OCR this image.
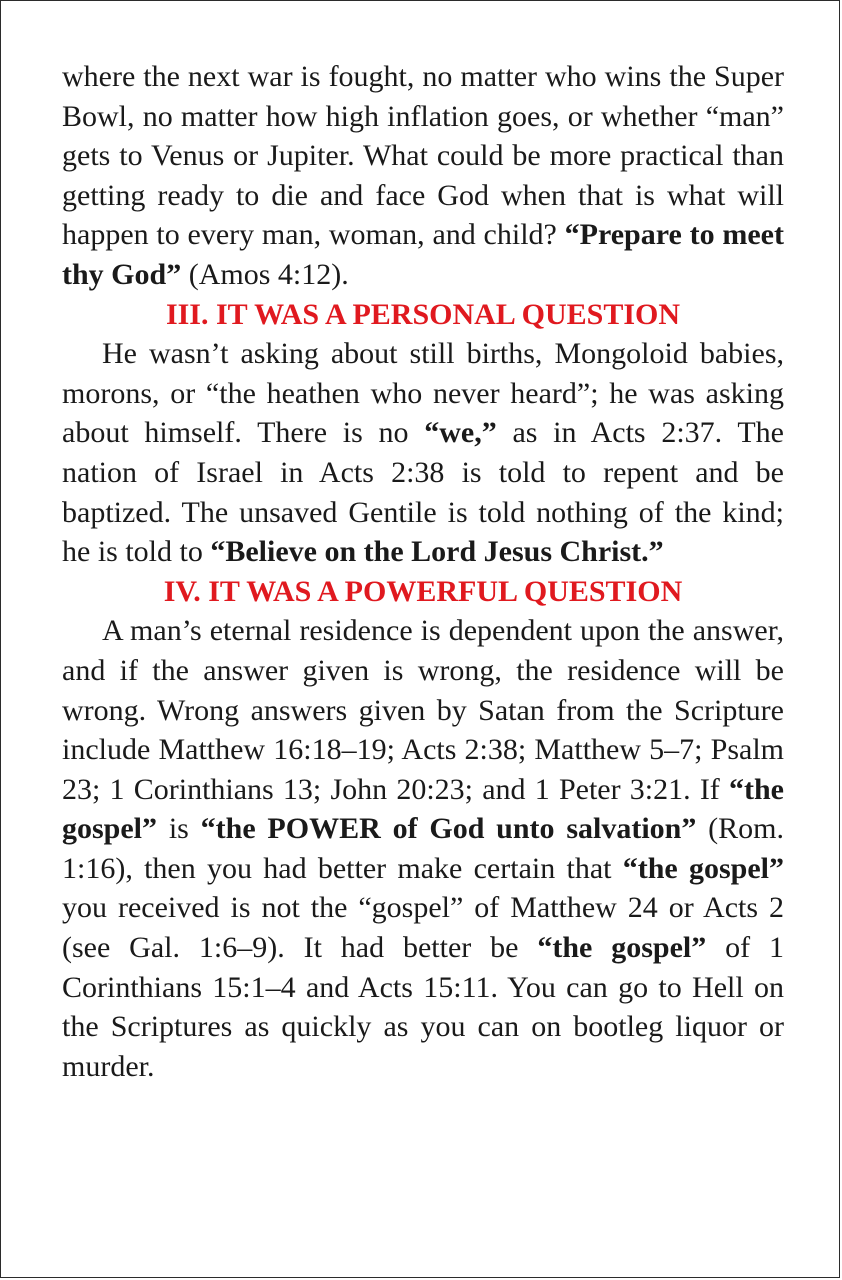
where the next war is fought, no matter who wins the Super Bowl, no matter how high inflation goes, or whether “man” gets to Venus or Jupiter. What could be more practical than getting ready to die and face God when that is what will happen to every man, woman, and child? “Prepare to meet thy God” (Amos 4:12).

III. IT WAS A PERSONAL QUESTION

He wasn’t asking about still births, Mongoloid babies, morons, or “the heathen who never heard”; he was asking about himself. There is no “we,” as in Acts 2:37. The nation of Israel in Acts 2:38 is told to repent and be baptized. The unsaved Gentile is told nothing of the kind; he is told to “Believe on the Lord Jesus Christ.”

IV. IT WAS A POWERFUL QUESTION

A man’s eternal residence is dependent upon the answer, and if the answer given is wrong, the residence will be wrong. Wrong answers given by Satan from the Scripture include Matthew 16:18–19; Acts 2:38; Matthew 5–7; Psalm 23; 1 Corinthians 13; John 20:23; and 1 Peter 3:21. If “the gospel” is “the POWER of God unto salvation” (Rom. 1:16), then you had better make certain that “the gospel” you received is not the “gospel” of Matthew 24 or Acts 2 (see Gal. 1:6–9). It had better be “the gospel” of 1 Corinthians 15:1–4 and Acts 15:11. You can go to Hell on the Scriptures as quickly as you can on bootleg liquor or murder.
